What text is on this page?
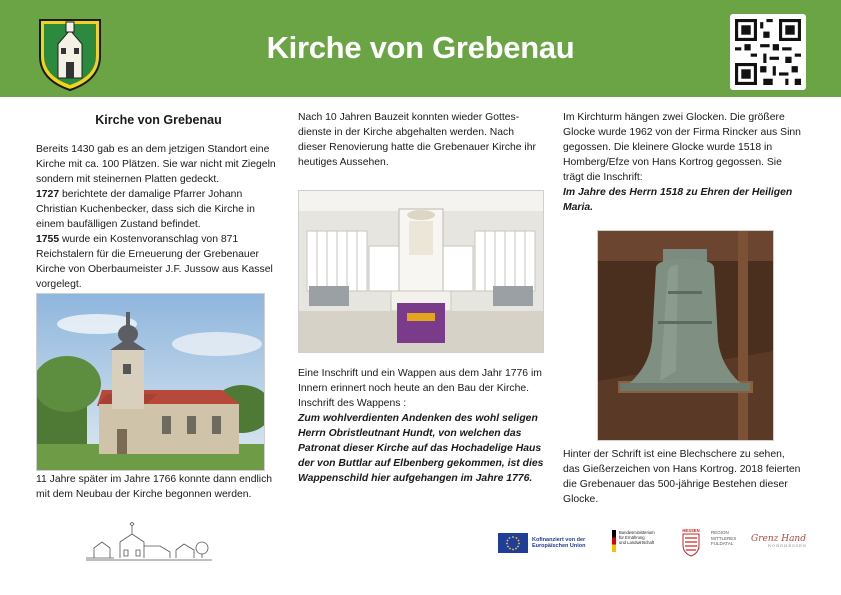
Kirche von Grebenau
Kirche von Grebenau

Bereits 1430 gab es an dem jetzigen Standort eine Kirche mit ca. 100 Plätzen. Sie war nicht mit Ziegeln sondern mit steinernen Platten gedeckt.

1727 berichtete der damalige Pfarrer Johann Christian Kuchenbecker, dass sich die Kirche in einem baufälligen Zustand befindet.

1755 wurde ein Kostenvoranschlag von 871 Reichstalern für die Erneuerung der Grebenauer Kirche von Oberbaumeister J.F. Jussow aus Kassel vorgelegt.

11 Jahre später im Jahre 1766 konnte dann endlich mit dem Neubau der Kirche begonnen werden.

Nach 10 Jahren Bauzeit konnten wieder Gottesdienste in der Kirche abgehalten werden. Nach dieser Renovierung hatte die Grebenauer Kirche ihr heutiges Aussehen.

Eine Inschrift und ein Wappen aus dem Jahr 1776 im Innern erinnert noch heute an den Bau der Kirche. Inschrift des Wappens :

Zum wohlverdienten Andenken des wohl seligen Herrn Obristleutnant Hundt, von welchen das Patronat dieser Kirche auf das Hochadelige Haus der von Buttlar auf Elbenberg gekommen, ist dies Wappenschild hier aufgehangen im Jahre 1776.

Im Kirchturm hängen zwei Glocken. Die größere Glocke wurde 1962 von der Firma Rincker aus Sinn gegossen. Die kleinere Glocke wurde 1518 in Homberg/Efze von Hans Kortrog gegossen. Sie trägt die Inschrift:

Im Jahre des Herrn 1518 zu Ehren der Heiligen Maria.

Hinter der Schrift ist eine Blechschere zu sehen, das Gießerzeichen von Hans Kortrog. 2018 feierten die Grebenauer das 500-jährige Bestehen dieser Glocke.
Kofinanziert von der
Europäischen Union
Bundesministerium
für Ernährung
und Landwirtschaft
HESSEN	REGION
MITTLERES
FULDATAL	Grenz Hand
NORDHESSEN
